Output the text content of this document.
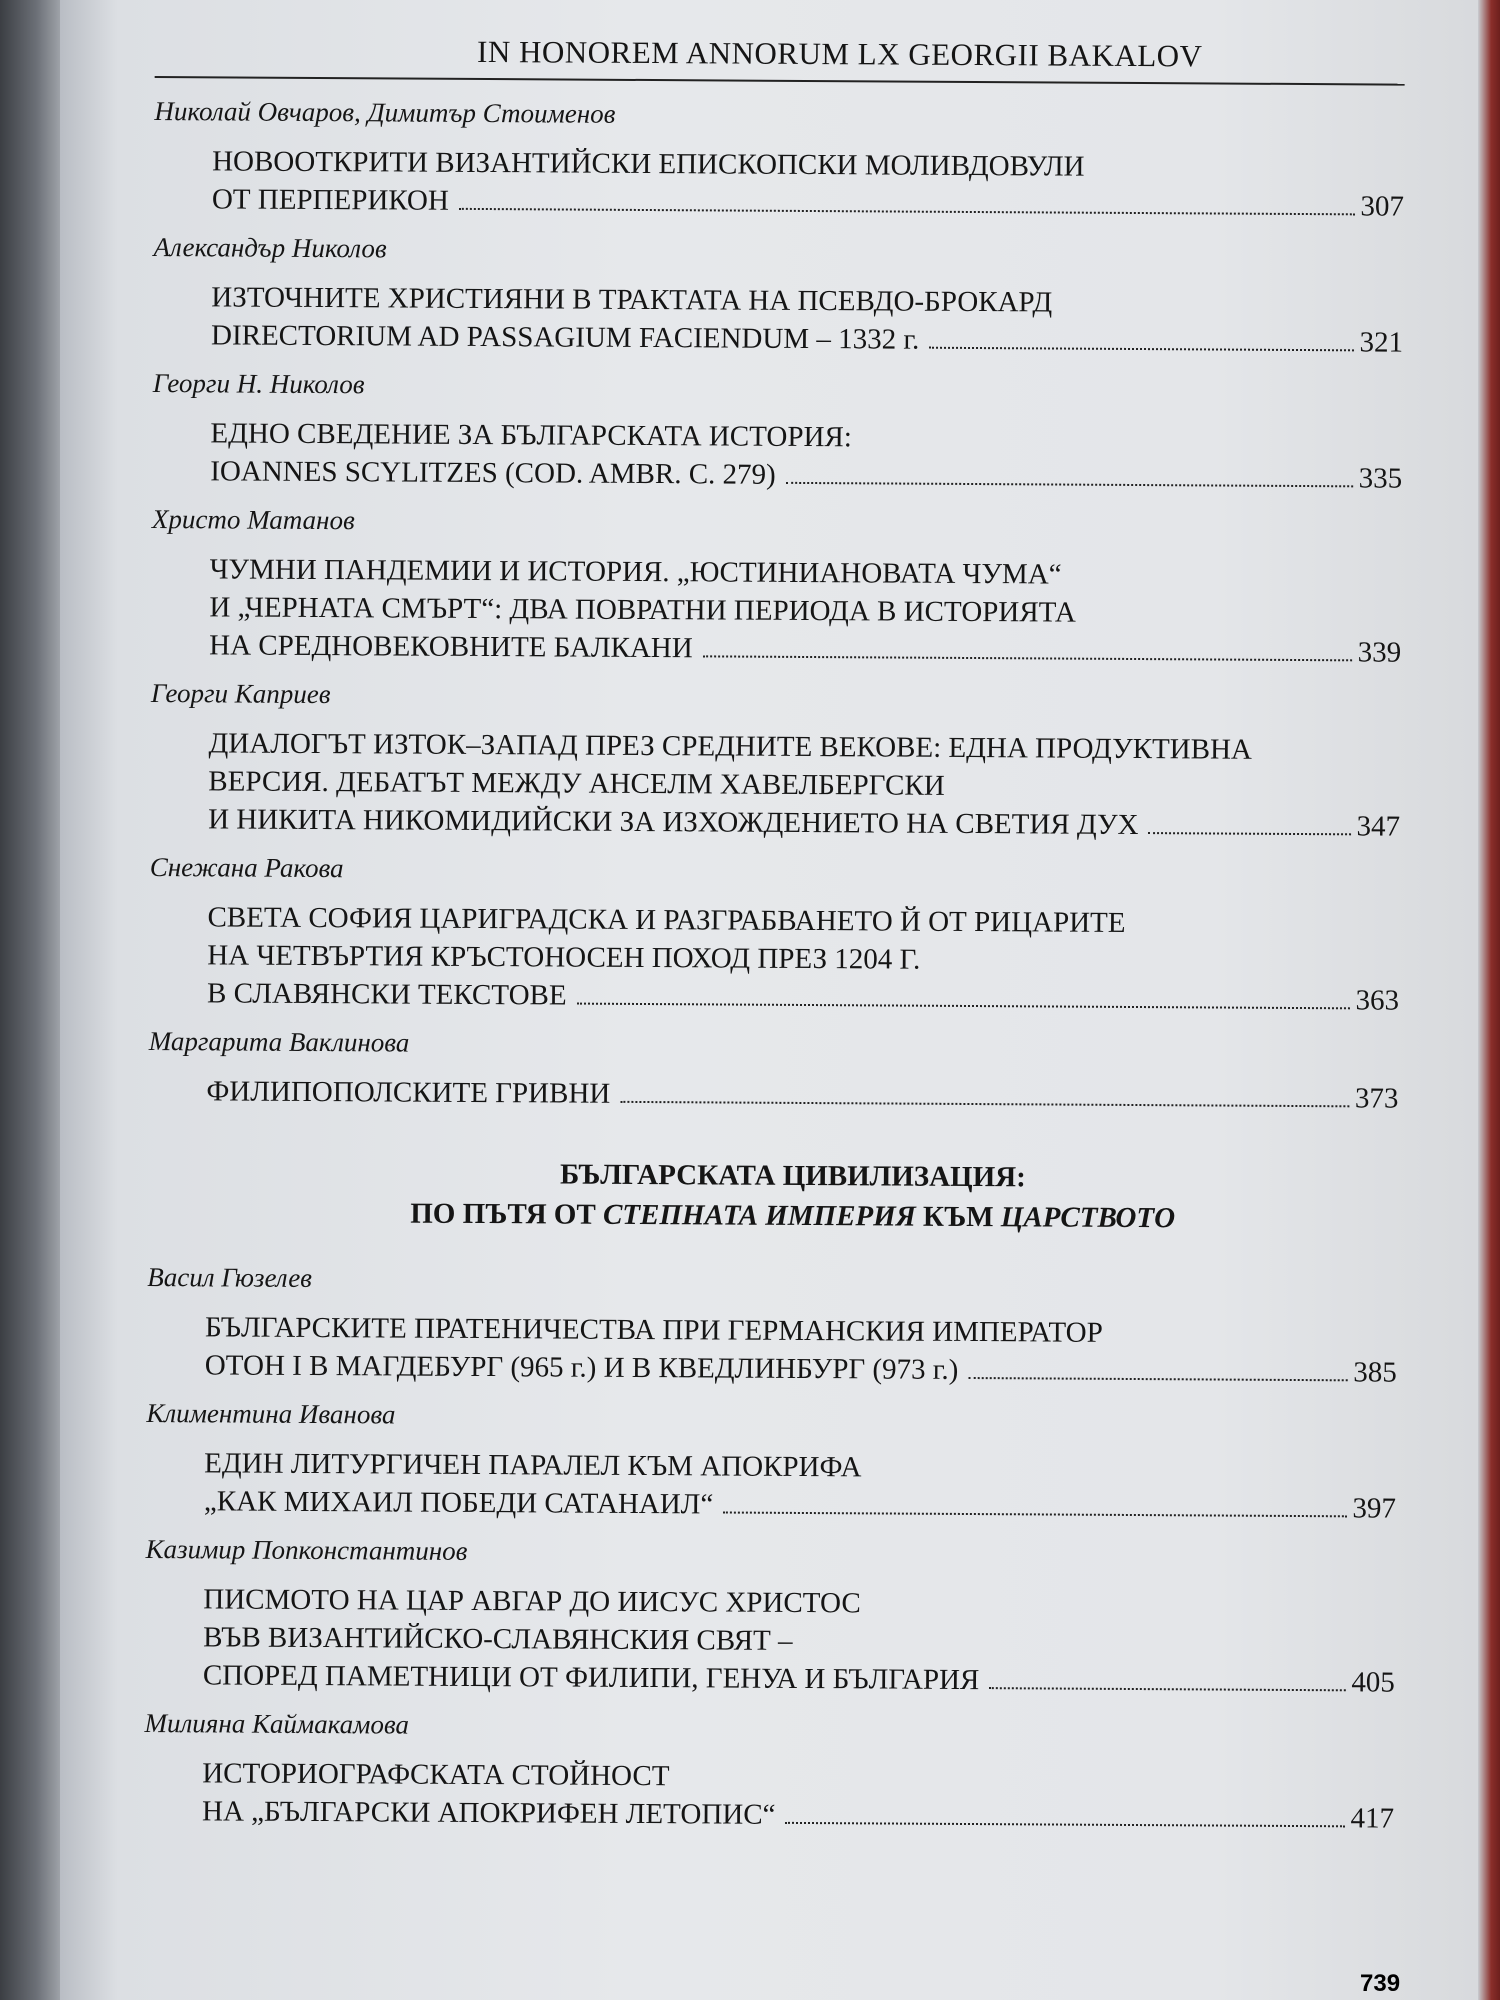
IN HONOREM ANNORUM LX GEORGII BAKALOV
Николай Овчаров, Димитър Стоименов
НОВООТКРИТИ ВИЗАНТИЙСКИ ЕПИСКОПСКИ МОЛИВДОВУЛИ
ОТ ПЕРПЕРИКОН	307
Александър Николов
ИЗТОЧНИТЕ ХРИСТИЯНИ В ТРАКТАТА НА ПСЕВДО-БРОКАРД
DIRECTORIUM AD PASSAGIUM FACIENDUM – 1332 г.	321
Георги Н. Николов
ЕДНО СВЕДЕНИЕ ЗА БЪЛГАРСКАТА ИСТОРИЯ:
IOANNES SCYLITZES (COD. AMBR. C. 279)	335
Христо Матанов
ЧУМНИ ПАНДЕМИИ И ИСТОРИЯ. „ЮСТИНИАНОВАТА ЧУМА“
И „ЧЕРНАТА СМЪРТ“: ДВА ПОВРАТНИ ПЕРИОДА В ИСТОРИЯТА
НА СРЕДНОВЕКОВНИТЕ БАЛКАНИ	339
Георги Каприев
ДИАЛОГЪТ ИЗТОК–ЗАПАД ПРЕЗ СРЕДНИТЕ ВЕКОВЕ: ЕДНА ПРОДУКТИВНА
ВЕРСИЯ. ДЕБАТЪТ МЕЖДУ АНСЕЛМ ХАВЕЛБЕРГСКИ
И НИКИТА НИКОМИДИЙСКИ ЗА ИЗХОЖДЕНИЕТО НА СВЕТИЯ ДУХ	347
Снежана Ракова
СВЕТА СОФИЯ ЦАРИГРАДСКА И РАЗГРАБВАНЕТО Й ОТ РИЦАРИТЕ
НА ЧЕТВЪРТИЯ КРЪСТОНОСЕН ПОХОД ПРЕЗ 1204 Г.
В СЛАВЯНСКИ ТЕКСТОВЕ	363
Маргарита Ваклинова
ФИЛИПОПОЛСКИТЕ ГРИВНИ	373
БЪЛГАРСКАТА ЦИВИЛИЗАЦИЯ:
ПО ПЪТЯ ОТ СТЕПНАТА ИМПЕРИЯ КЪМ ЦАРСТВОТО
Васил Гюзелев
БЪЛГАРСКИТЕ ПРАТЕНИЧЕСТВА ПРИ ГЕРМАНСКИЯ ИМПЕРАТОР
ОТОН I В МАГДЕБУРГ (965 г.) И В КВЕДЛИНБУРГ (973 г.)	385
Климентина Иванова
ЕДИН ЛИТУРГИЧЕН ПАРАЛЕЛ КЪМ АПОКРИФА
„КАК МИХАИЛ ПОБЕДИ САТАНАИЛ“	397
Казимир Попконстантинов
ПИСМОТО НА ЦАР АВГАР ДО ИИСУС ХРИСТОС
ВЪВ ВИЗАНТИЙСКО-СЛАВЯНСКИЯ СВЯТ –
СПОРЕД ПАМЕТНИЦИ ОТ ФИЛИПИ, ГЕНУА И БЪЛГАРИЯ	405
Милияна Каймакамова
ИСТОРИОГРАФСКАТА СТОЙНОСТ
НА „БЪЛГАРСКИ АПОКРИФЕН ЛЕТОПИС“	417
739
